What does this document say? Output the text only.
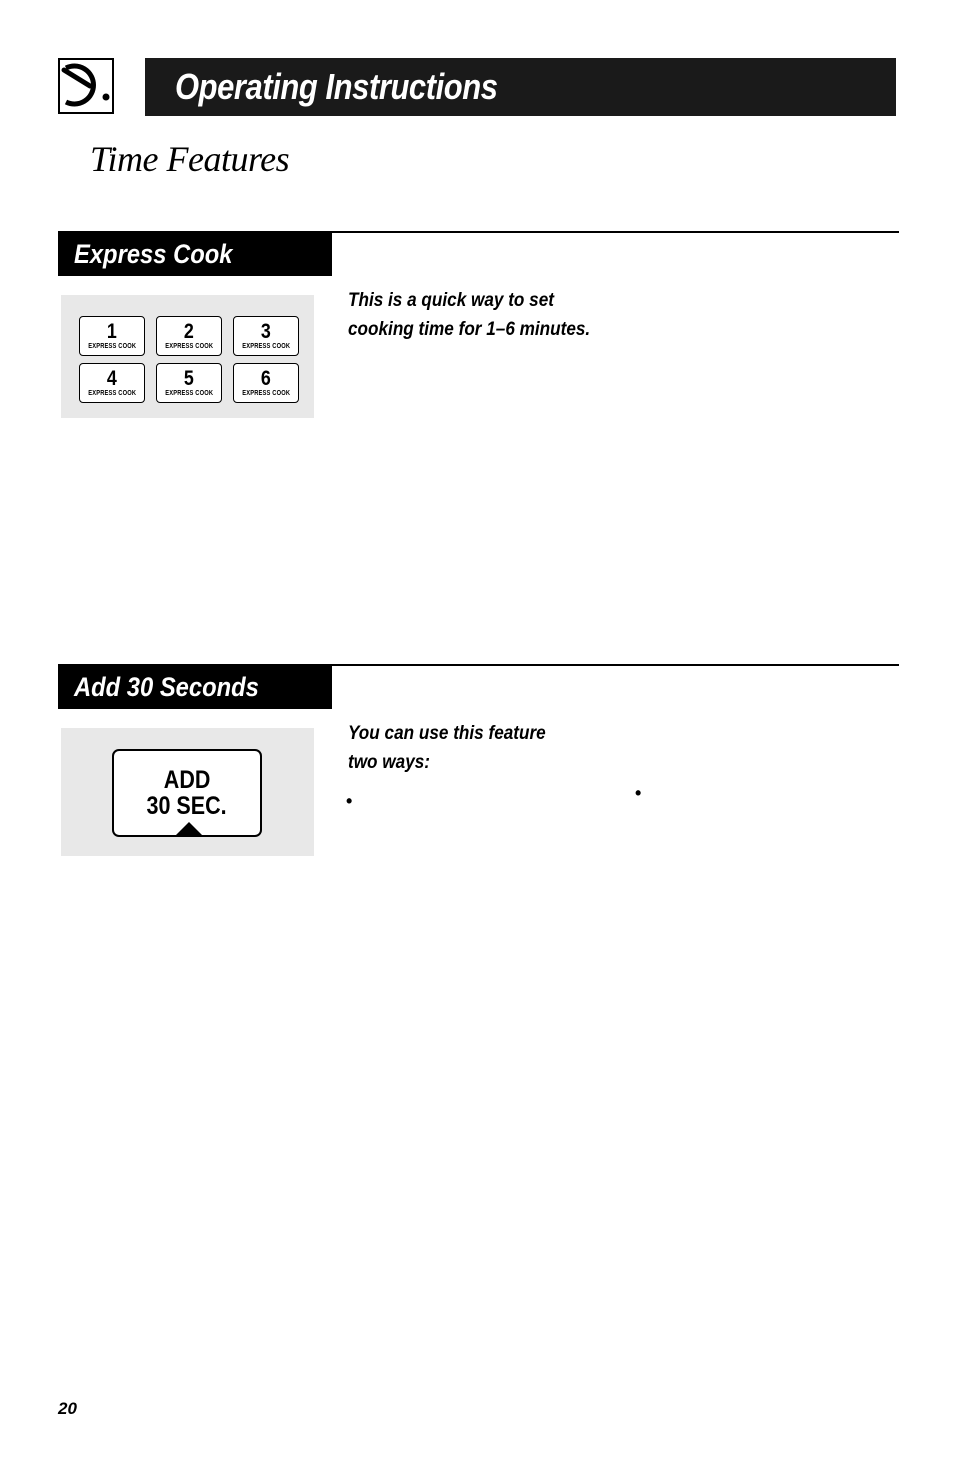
Operating Instructions
Time Features
Express Cook
1
EXPRESS COOK
2
EXPRESS COOK
3
EXPRESS COOK
4
EXPRESS COOK
5
EXPRESS COOK
6
EXPRESS COOK
This is a quick way to set
cooking time for 1–6 minutes.
Add 30 Seconds
ADD
30 SEC.
You can use this feature
two ways:
•	•
20
